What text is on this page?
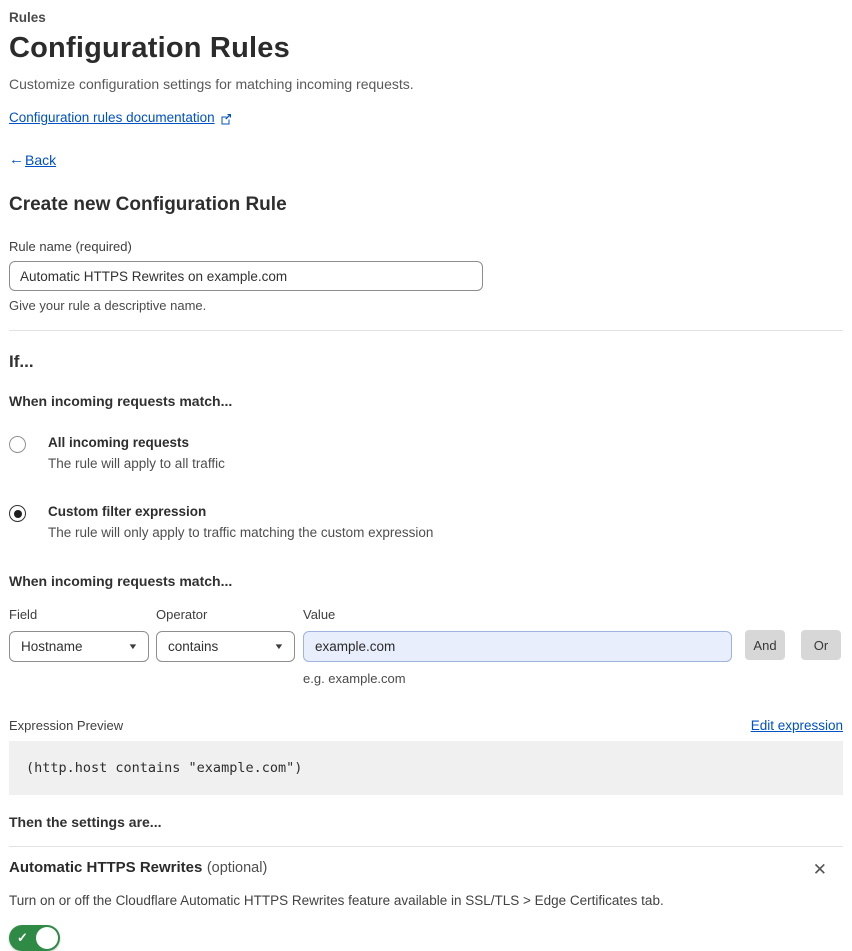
Rules
Configuration Rules
Customize configuration settings for matching incoming requests.
Configuration rules documentation
← Back
Create new Configuration Rule
Rule name (required)
Automatic HTTPS Rewrites on example.com
Give your rule a descriptive name.
If...
When incoming requests match...
All incoming requests
The rule will apply to all traffic
Custom filter expression
The rule will only apply to traffic matching the custom expression
When incoming requests match...
Field
Hostname	▼
Operator
contains	▼
Value
example.com
e.g. example.com
And	Or
Expression Preview	Edit expression
(http.host contains "example.com")
Then the settings are...
Automatic HTTPS Rewrites (optional)	✕
Turn on or off the Cloudflare Automatic HTTPS Rewrites feature available in SSL/TLS > Edge Certificates tab.
✓
